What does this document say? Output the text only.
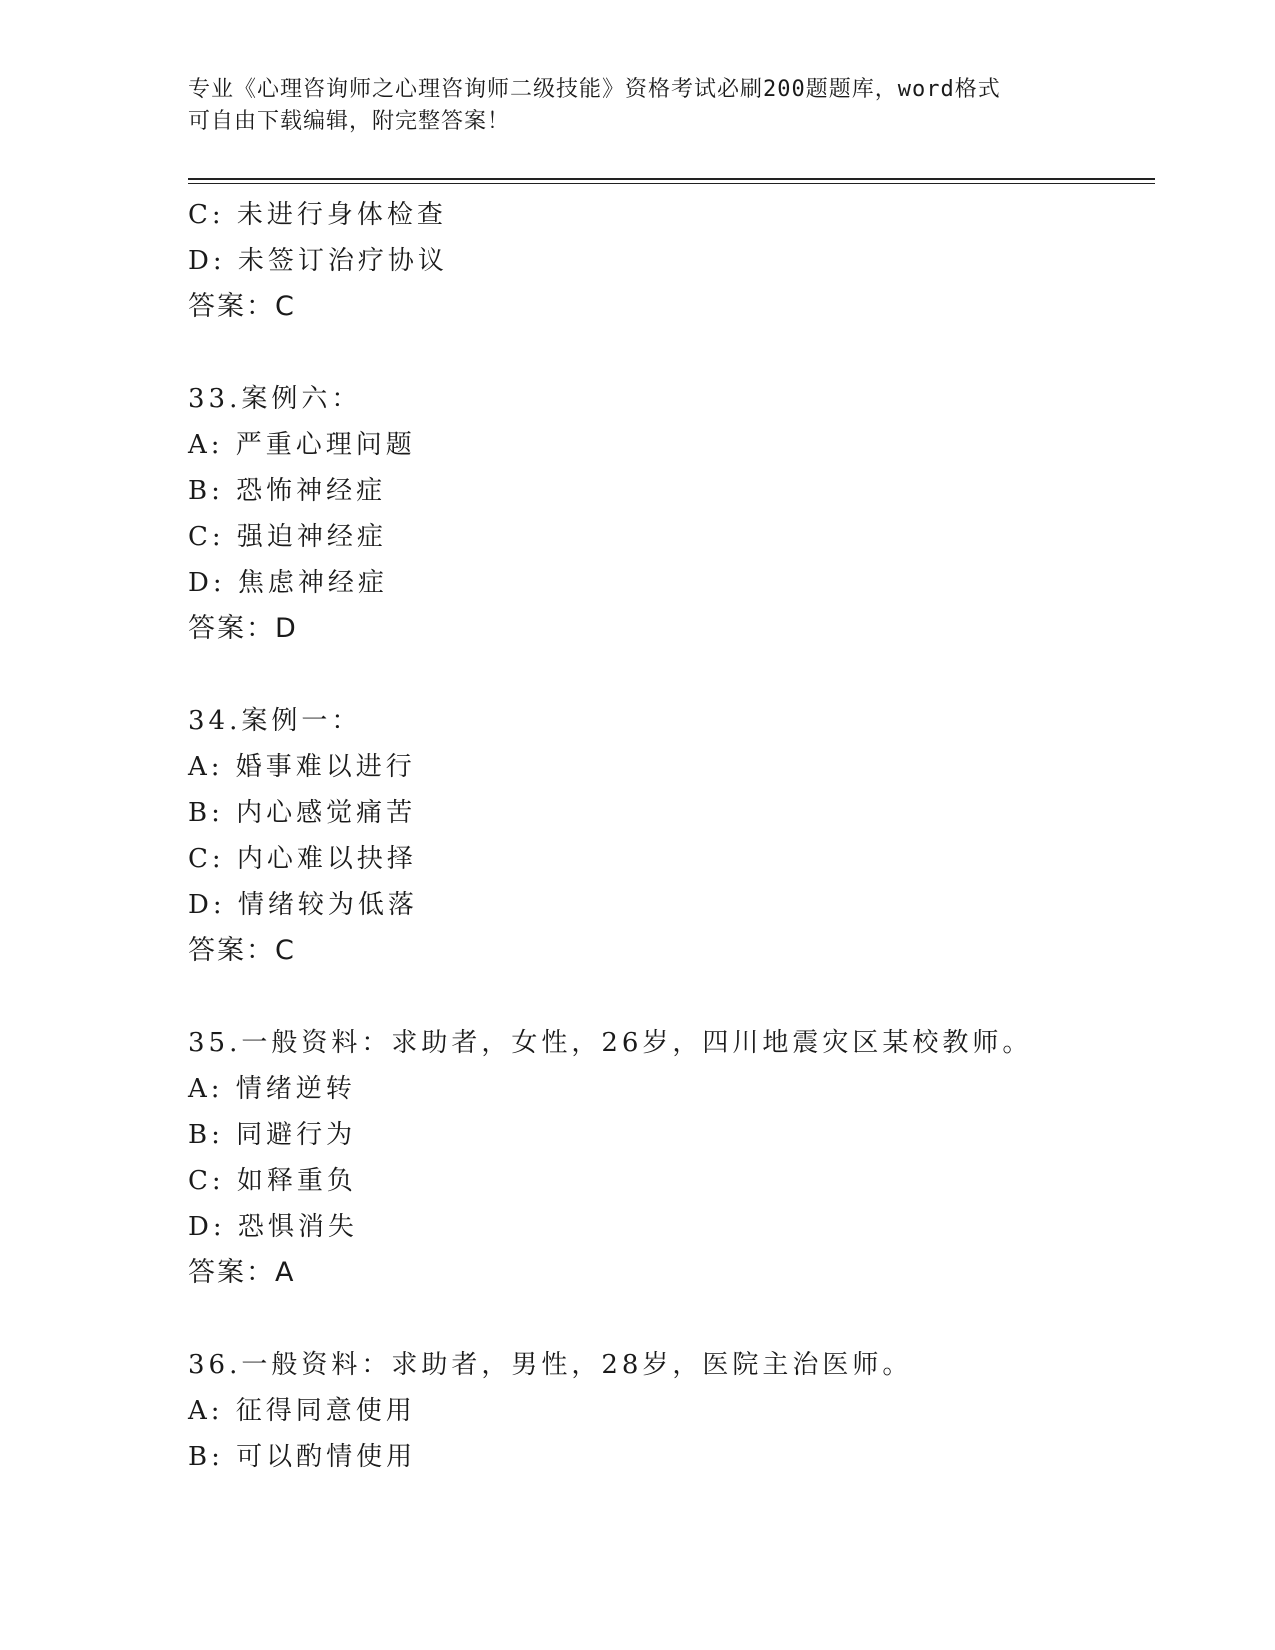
专业《心理咨询师之心理咨询师二级技能》资格考试必刷200题题库，word格式
可自由下载编辑，附完整答案！
C: 未进行身体检查
D: 未签订治疗协议
答案：C
33.案例六：
A: 严重心理问题
B: 恐怖神经症
C: 强迫神经症
D: 焦虑神经症
答案：D
34.案例一：
A: 婚事难以进行
B: 内心感觉痛苦
C: 内心难以抉择
D: 情绪较为低落
答案：C
35.一般资料：求助者，女性，26岁，四川地震灾区某校教师。
A: 情绪逆转
B: 同避行为
C: 如释重负
D: 恐惧消失
答案：A
36.一般资料：求助者，男性，28岁，医院主治医师。
A: 征得同意使用
B: 可以酌情使用
